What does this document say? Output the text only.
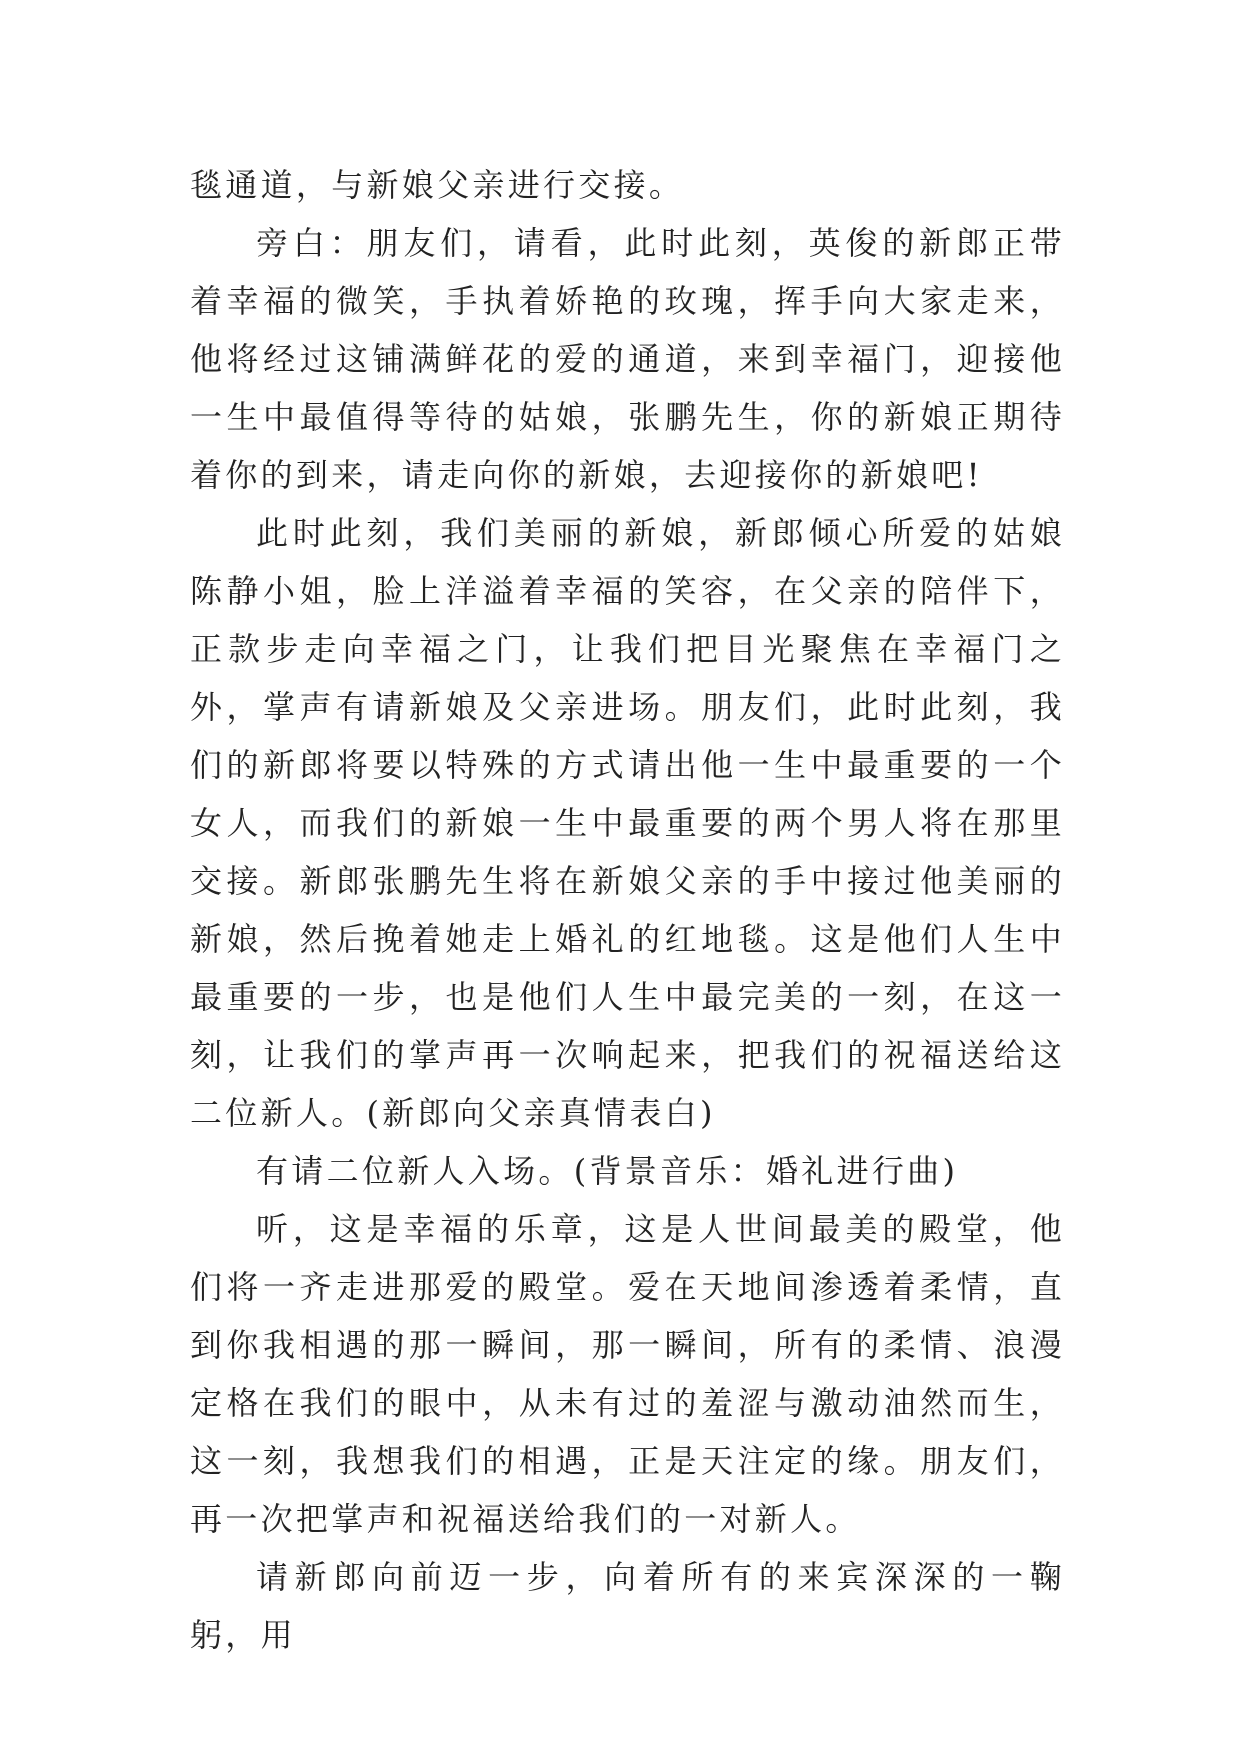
毯通道，与新娘父亲进行交接。

旁白：朋友们，请看，此时此刻，英俊的新郎正带着幸福的微笑，手执着娇艳的玫瑰，挥手向大家走来，他将经过这铺满鲜花的爱的通道，来到幸福门，迎接他一生中最值得等待的姑娘，张鹏先生，你的新娘正期待着你的到来，请走向你的新娘，去迎接你的新娘吧!

此时此刻，我们美丽的新娘，新郎倾心所爱的姑娘陈静小姐，脸上洋溢着幸福的笑容，在父亲的陪伴下，正款步走向幸福之门，让我们把目光聚焦在幸福门之外，掌声有请新娘及父亲进场。朋友们，此时此刻，我们的新郎将要以特殊的方式请出他一生中最重要的一个女人，而我们的新娘一生中最重要的两个男人将在那里交接。新郎张鹏先生将在新娘父亲的手中接过他美丽的新娘，然后挽着她走上婚礼的红地毯。这是他们人生中最重要的一步，也是他们人生中最完美的一刻，在这一刻，让我们的掌声再一次响起来，把我们的祝福送给这二位新人。(新郎向父亲真情表白)

有请二位新人入场。(背景音乐：婚礼进行曲)

听，这是幸福的乐章，这是人世间最美的殿堂，他们将一齐走进那爱的殿堂。爱在天地间渗透着柔情，直到你我相遇的那一瞬间，那一瞬间，所有的柔情、浪漫定格在我们的眼中，从未有过的羞涩与激动油然而生，这一刻，我想我们的相遇，正是天注定的缘。朋友们，再一次把掌声和祝福送给我们的一对新人。

请新郎向前迈一步，向着所有的来宾深深的一鞠躬，用
